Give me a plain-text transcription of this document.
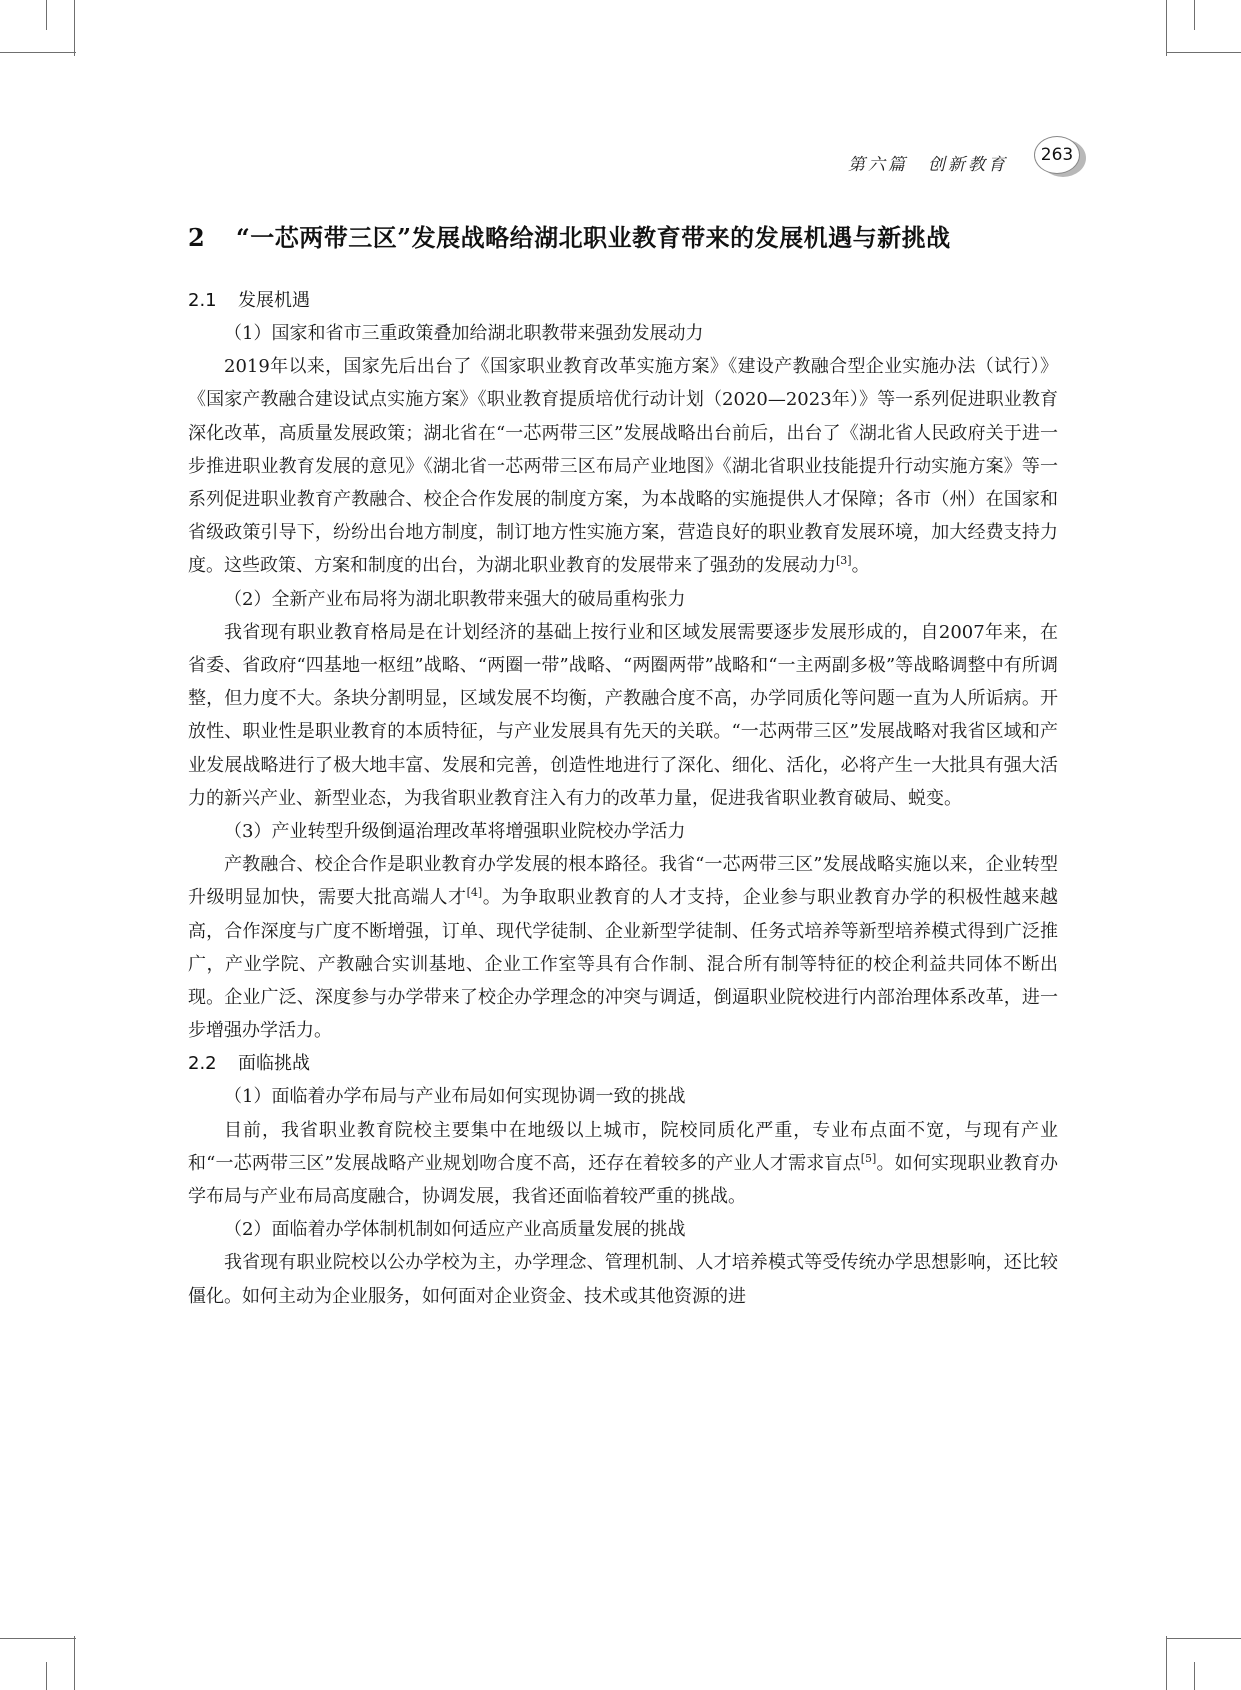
第六篇　创新教育	263
2 “一芯两带三区”发展战略给湖北职业教育带来的发展机遇与新挑战
2.1 发展机遇

（1）国家和省市三重政策叠加给湖北职教带来强劲发展动力

2019年以来，国家先后出台了《国家职业教育改革实施方案》《建设产教融合型企业实施办法（试行）》《国家产教融合建设试点实施方案》《职业教育提质培优行动计划（2020—2023年）》等一系列促进职业教育深化改革，高质量发展政策；湖北省在“一芯两带三区”发展战略出台前后，出台了《湖北省人民政府关于进一步推进职业教育发展的意见》《湖北省一芯两带三区布局产业地图》《湖北省职业技能提升行动实施方案》等一系列促进职业教育产教融合、校企合作发展的制度方案，为本战略的实施提供人才保障；各市（州）在国家和省级政策引导下，纷纷出台地方制度，制订地方性实施方案，营造良好的职业教育发展环境，加大经费支持力度。这些政策、方案和制度的出台，为湖北职业教育的发展带来了强劲的发展动力[3]。

（2）全新产业布局将为湖北职教带来强大的破局重构张力

我省现有职业教育格局是在计划经济的基础上按行业和区域发展需要逐步发展形成的，自2007年来，在省委、省政府“四基地一枢纽”战略、“两圈一带”战略、“两圈两带”战略和“一主两副多极”等战略调整中有所调整，但力度不大。条块分割明显，区域发展不均衡，产教融合度不高，办学同质化等问题一直为人所诟病。开放性、职业性是职业教育的本质特征，与产业发展具有先天的关联。“一芯两带三区”发展战略对我省区域和产业发展战略进行了极大地丰富、发展和完善，创造性地进行了深化、细化、活化，必将产生一大批具有强大活力的新兴产业、新型业态，为我省职业教育注入有力的改革力量，促进我省职业教育破局、蜕变。

（3）产业转型升级倒逼治理改革将增强职业院校办学活力

产教融合、校企合作是职业教育办学发展的根本路径。我省“一芯两带三区”发展战略实施以来，企业转型升级明显加快，需要大批高端人才[4]。为争取职业教育的人才支持，企业参与职业教育办学的积极性越来越高，合作深度与广度不断增强，订单、现代学徒制、企业新型学徒制、任务式培养等新型培养模式得到广泛推广，产业学院、产教融合实训基地、企业工作室等具有合作制、混合所有制等特征的校企利益共同体不断出现。企业广泛、深度参与办学带来了校企办学理念的冲突与调适，倒逼职业院校进行内部治理体系改革，进一步增强办学活力。

2.2 面临挑战

（1）面临着办学布局与产业布局如何实现协调一致的挑战

目前，我省职业教育院校主要集中在地级以上城市，院校同质化严重，专业布点面不宽，与现有产业和“一芯两带三区”发展战略产业规划吻合度不高，还存在着较多的产业人才需求盲点[5]。如何实现职业教育办学布局与产业布局高度融合，协调发展，我省还面临着较严重的挑战。

（2）面临着办学体制机制如何适应产业高质量发展的挑战

我省现有职业院校以公办学校为主，办学理念、管理机制、人才培养模式等受传统办学思想影响，还比较僵化。如何主动为企业服务，如何面对企业资金、技术或其他资源的进
